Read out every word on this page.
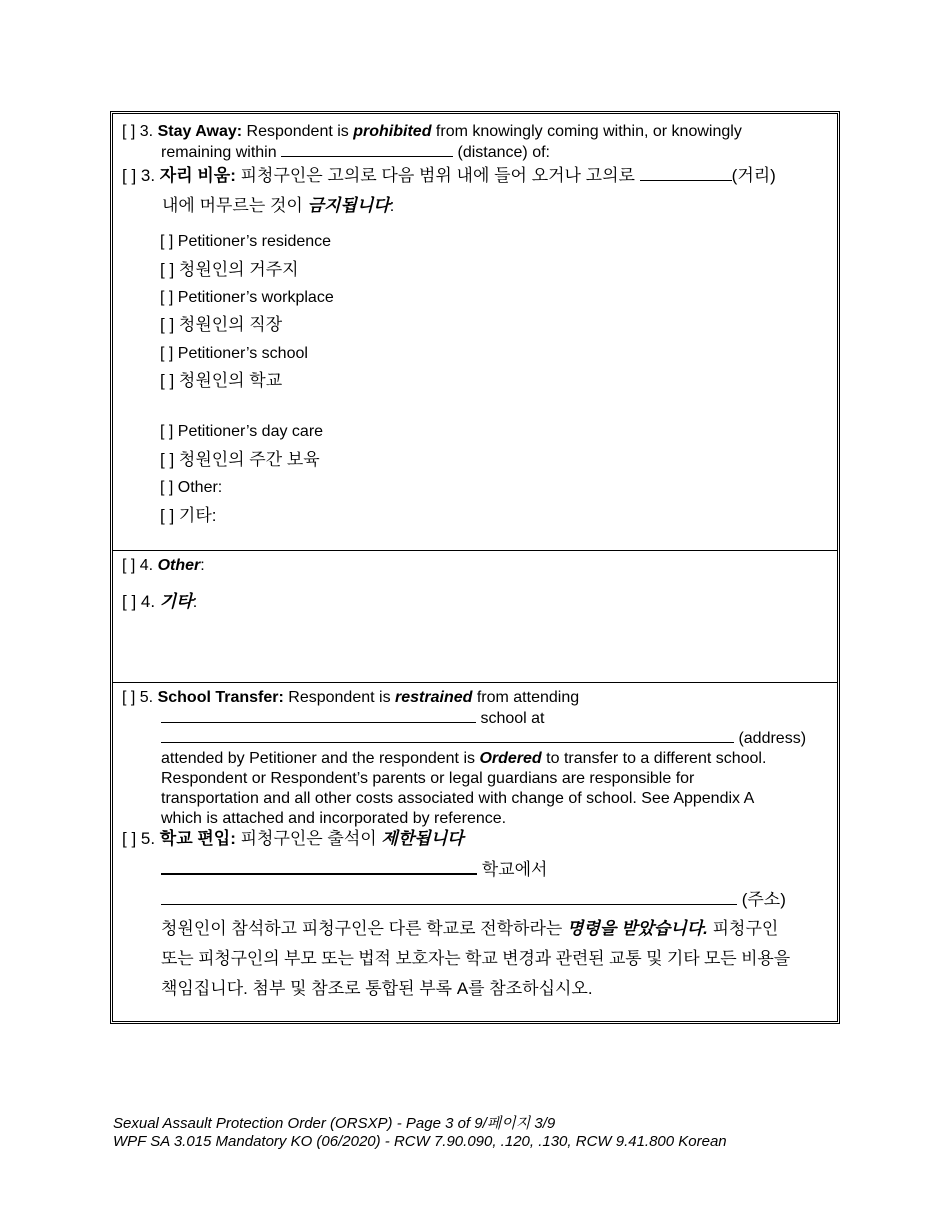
[ ] 3. Stay Away: Respondent is prohibited from knowingly coming within, or knowingly
remaining within	(distance) of:
[ ] 3. 자리 비움: 피청구인은 고의로 다음 범위 내에 들어 오거나 고의로	(거리)
내에 머무르는 것이 금지됩니다:
[ ] Petitioner’s residence
[ ] 청원인의 거주지
[ ] Petitioner’s workplace
[ ] 청원인의 직장
[ ] Petitioner’s school
[ ] 청원인의 학교
[ ] Petitioner’s day care
[ ] 청원인의 주간 보육
[ ] Other:
[ ] 기타:
[ ] 4. Other:
[ ] 4. 기타:
[ ] 5. School Transfer: Respondent is restrained from attending
school at
(address)
attended by Petitioner and the respondent is Ordered to transfer to a different school.
Respondent or Respondent’s parents or legal guardians are responsible for
transportation and all other costs associated with change of school. See Appendix A
which is attached and incorporated by reference.
[ ] 5. 학교 편입: 피청구인은 출석이 제한됩니다
학교에서
(주소)
청원인이 참석하고 피청구인은 다른 학교로 전학하라는 명령을 받았습니다. 피청구인
또는 피청구인의 부모 또는 법적 보호자는 학교 변경과 관련된 교통 및 기타 모든 비용을
책임집니다. 첨부 및 참조로 통합된 부록 A를 참조하십시오.
Sexual Assault Protection Order (ORSXP) - Page 3 of 9/페이지 3/9
WPF SA 3.015 Mandatory KO (06/2020) - RCW 7.90.090, .120, .130, RCW 9.41.800 Korean
